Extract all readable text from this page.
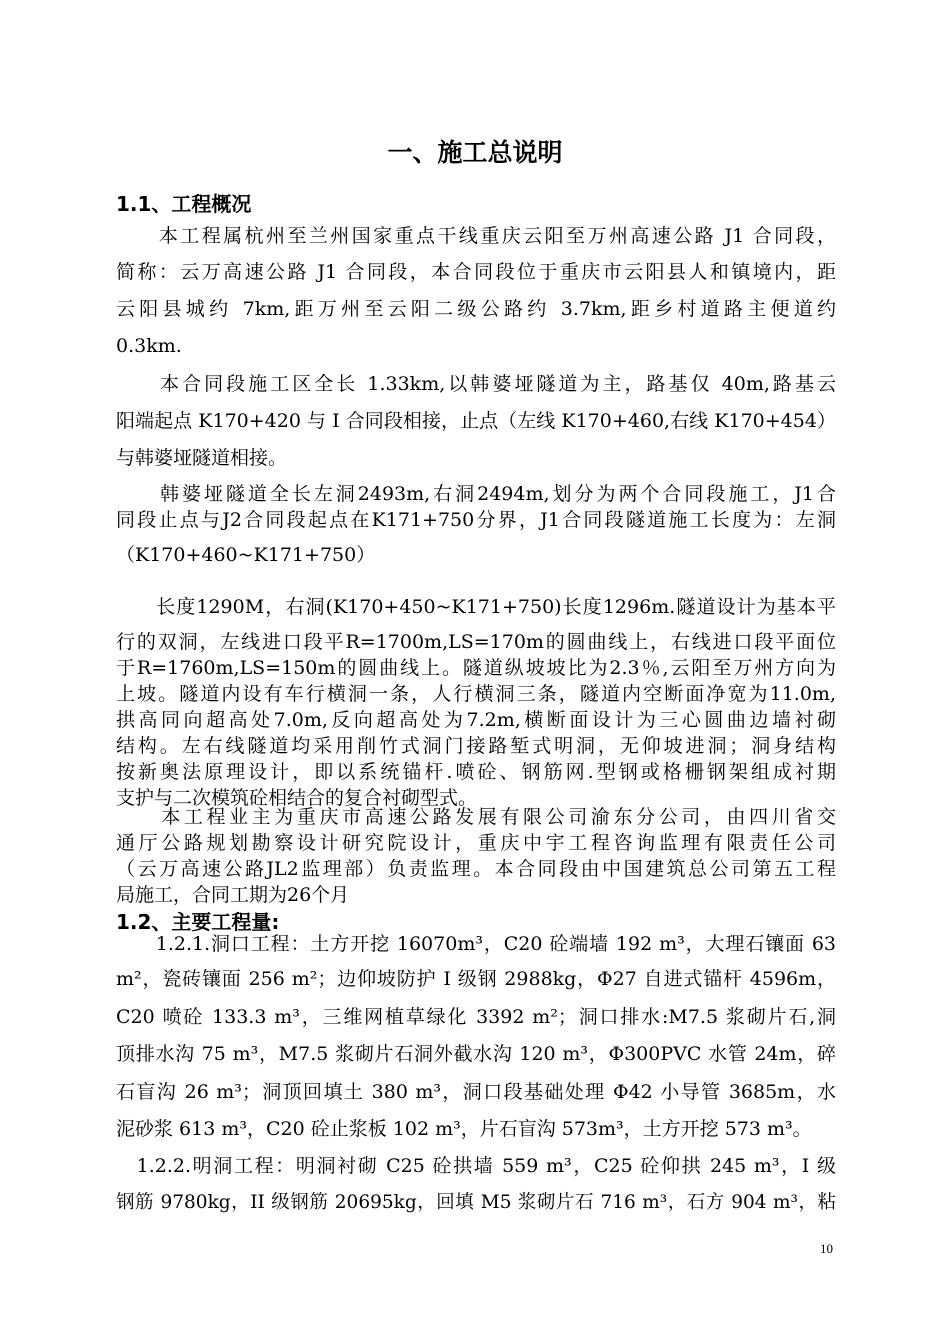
一、施工总说明
1.1、工程概况
　　本工程属杭州至兰州国家重点干线重庆云阳至万州高速公路 J1 合同段，
简称：云万高速公路 J1 合同段，本合同段位于重庆市云阳县人和镇境内，距
云阳县城约 7km,距万州至云阳二级公路约 3.7km,距乡村道路主便道约
0.3km.
　　本合同段施工区全长 1.33km,以韩婆垭隧道为主，路基仅 40m,路基云
阳端起点 K170+420 与 I 合同段相接，止点（左线 K170+460,右线 K170+454）
与韩婆垭隧道相接。
　　韩婆垭隧道全长左洞2493m,右洞2494m,划分为两个合同段施工，J1合
同段止点与J2合同段起点在K171+750分界，J1合同段隧道施工长度为：左洞
（K170+460~K171+750）
　　长度1290M，右洞(K170+450~K171+750)长度1296m.隧道设计为基本平
行的双洞，左线进口段平R=1700m,LS=170m的圆曲线上，右线进口段平面位
于R=1760m,LS=150m的圆曲线上。隧道纵坡坡比为2.3％,云阳至万州方向为
上坡。隧道内设有车行横洞一条，人行横洞三条，隧道内空断面净宽为11.0m,
拱高同向超高处7.0m,反向超高处为7.2m,横断面设计为三心圆曲边墙衬砌
结构。左右线隧道均采用削竹式洞门接路堑式明洞，无仰坡进洞；洞身结构
按新奥法原理设计，即以系统锚杆.喷砼、钢筋网.型钢或格栅钢架组成衬期
支护与二次模筑砼相结合的复合衬砌型式。
　　本工程业主为重庆市高速公路发展有限公司渝东分公司，由四川省交
通厅公路规划勘察设计研究院设计，重庆中宇工程咨询监理有限责任公司
（云万高速公路JL2监理部）负责监理。本合同段由中国建筑总公司第五工程
局施工，合同工期为26个月
1.2、主要工程量:
　　1.2.1.洞口工程：土方开挖 16070m³，C20 砼端墙 192 m³，大理石镶面 63
m²，瓷砖镶面 256 m²；边仰坡防护 I 级钢 2988kg，Φ27 自进式锚杆 4596m，
C20 喷砼 133.3 m³，三维网植草绿化 3392 m²；洞口排水:M7.5 浆砌片石,洞
顶排水沟 75 m³，M7.5 浆砌片石洞外截水沟 120 m³，Φ300PVC 水管 24m，碎
石盲沟 26 m³；洞顶回填土 380 m³，洞口段基础处理 Φ42 小导管 3685m，水
泥砂浆 613 m³，C20 砼止浆板 102 m³，片石盲沟 573m³，土方开挖 573 m³。
　1.2.2.明洞工程：明洞衬砌 C25 砼拱墙 559 m³，C25 砼仰拱 245 m³，I 级
钢筋 9780kg，II 级钢筋 20695kg，回填 M5 浆砌片石 716 m³，石方 904 m³，粘
10
